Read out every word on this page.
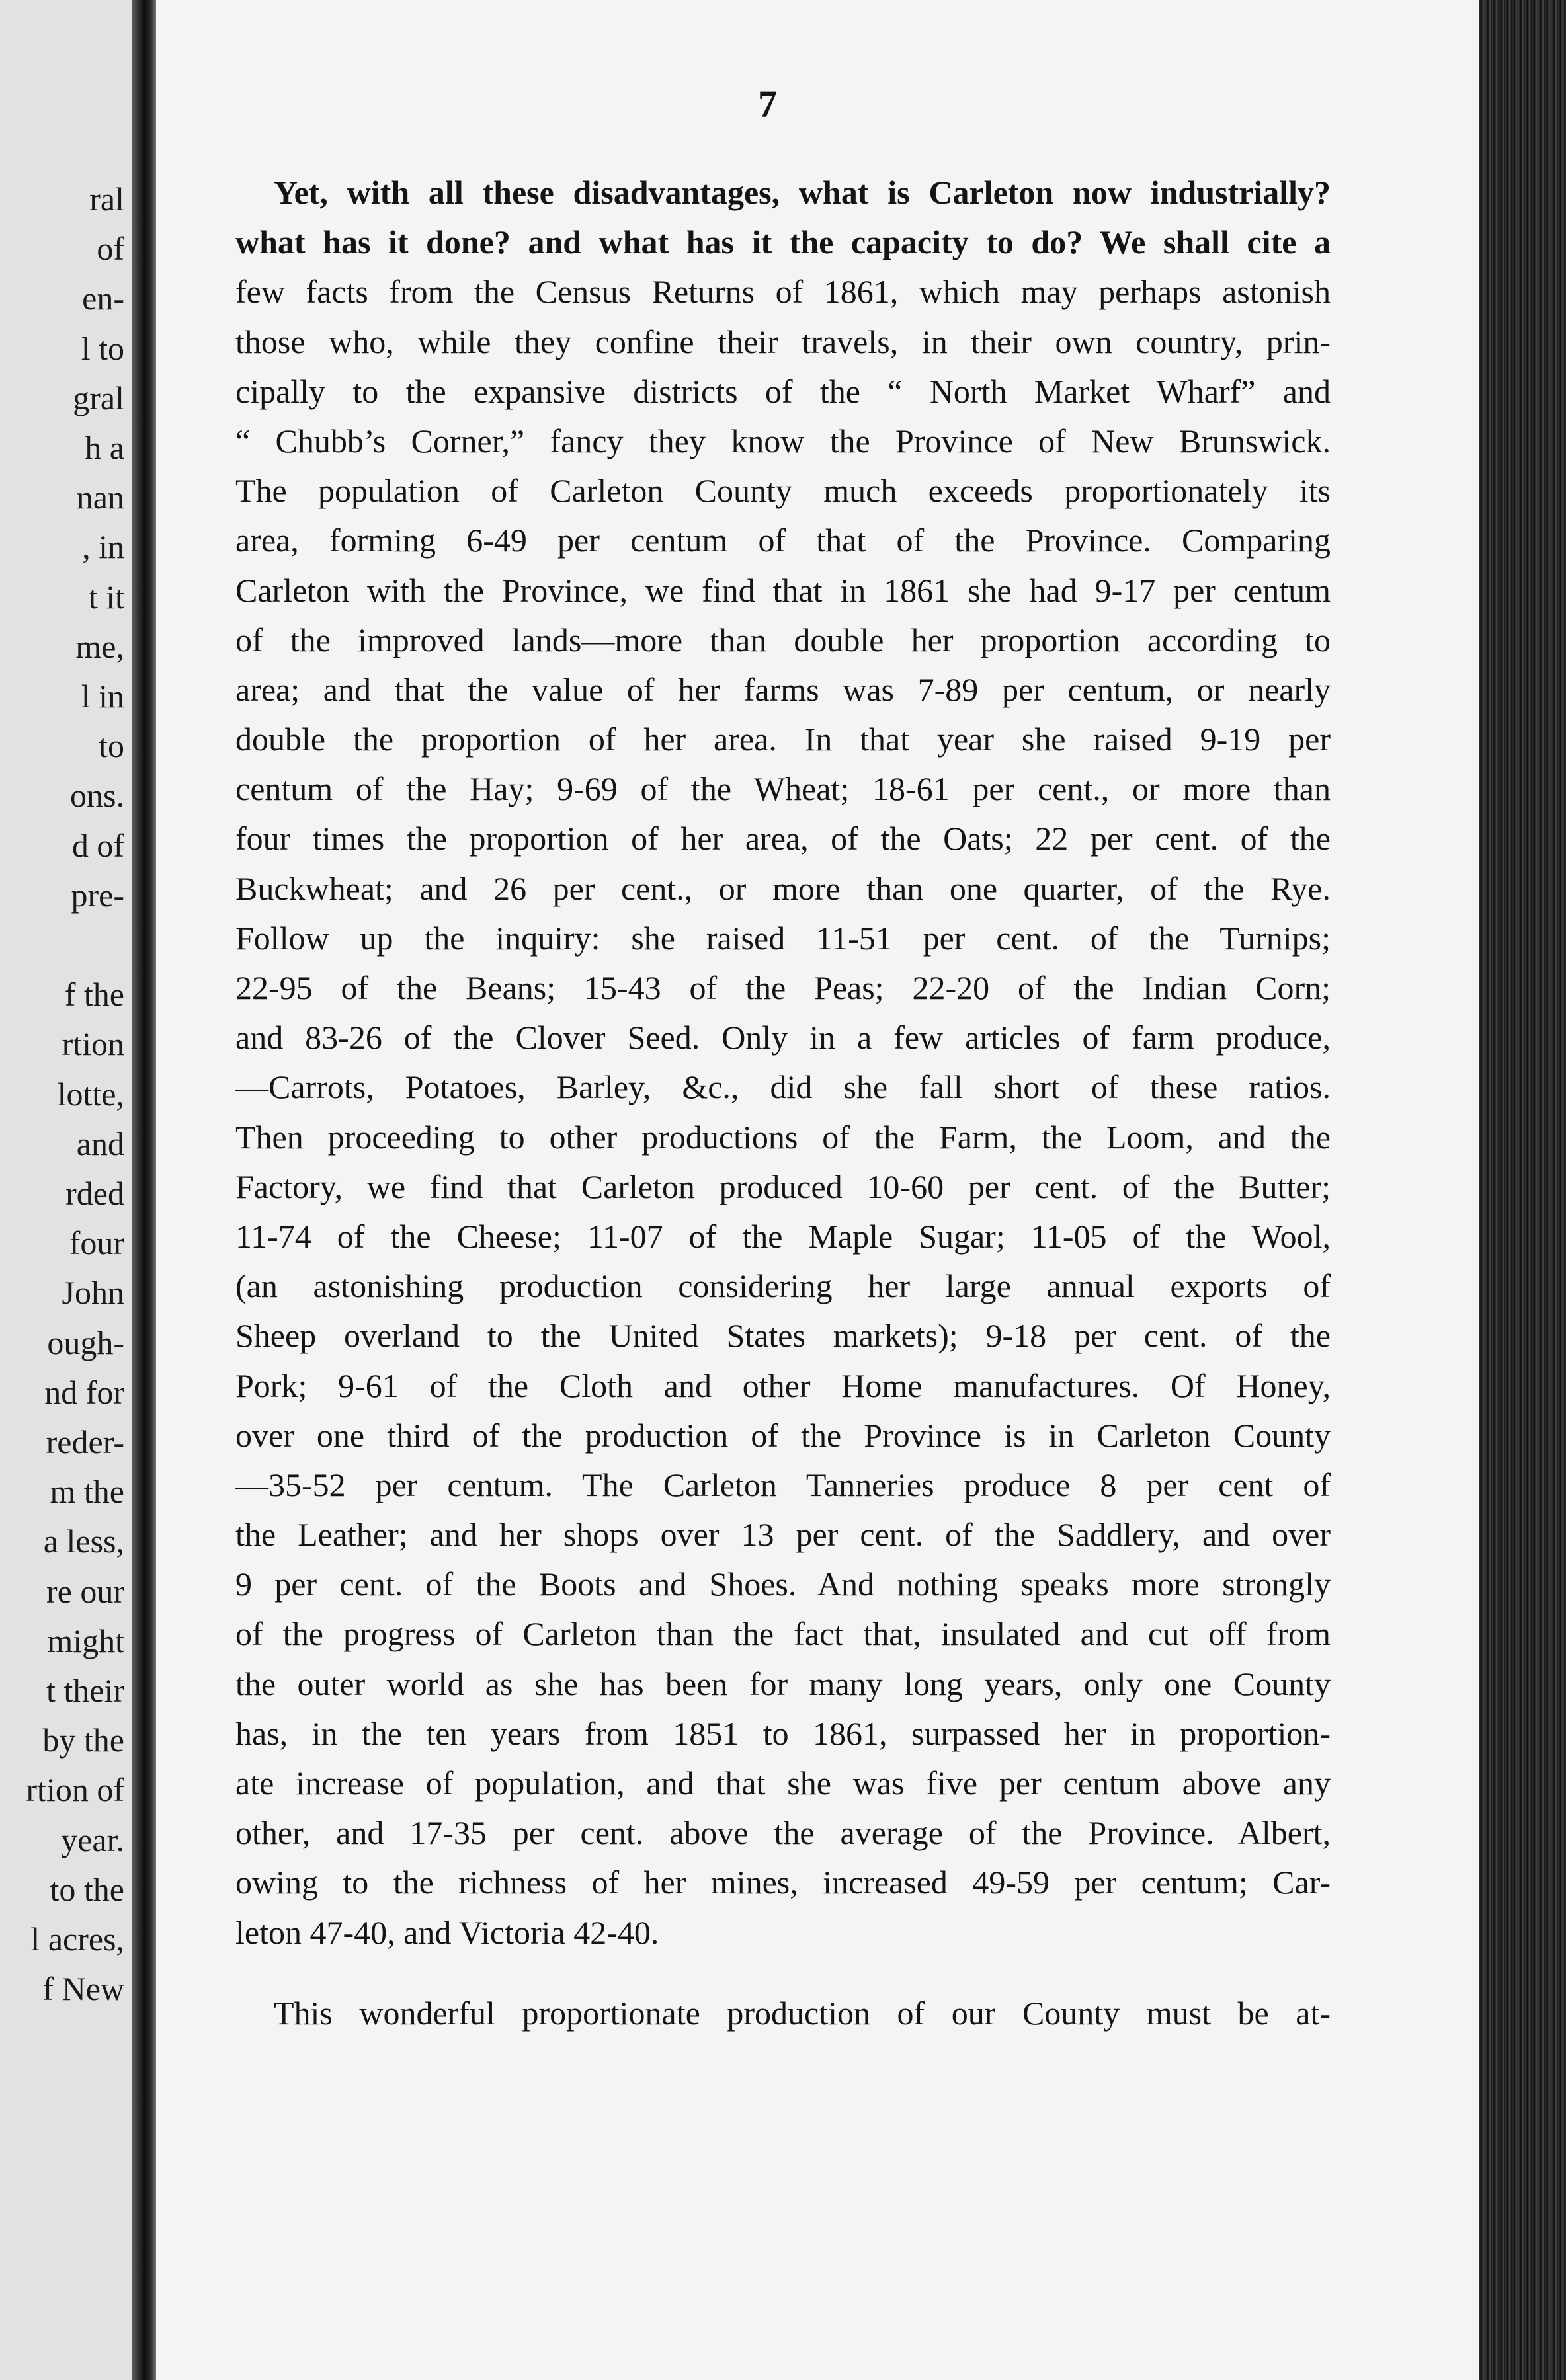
ral
of
en-
l to
gral
h a
nan
, in
t it
me,
l in
to
ons.
d of
pre-
f the
rtion
lotte,
and
rded
four
John
ough-
nd for
reder-
m the
a less,
re our
might
t their
by the
rtion of
year.
to the
l acres,
f New
7
Yet, with all these disadvantages, what is Carleton now industrially?
what has it done? and what has it the capacity to do? We shall cite a
few facts from the Census Returns of 1861, which may perhaps astonish
those who, while they confine their travels, in their own country, prin-
cipally to the expansive districts of the “ North Market Wharf” and
“ Chubb’s Corner,” fancy they know the Province of New Brunswick.
The population of Carleton County much exceeds proportionately its
area, forming 6-49 per centum of that of the Province. Comparing
Carleton with the Province, we find that in 1861 she had 9-17 per centum
of the improved lands—more than double her proportion according to
area; and that the value of her farms was 7-89 per centum, or nearly
double the proportion of her area. In that year she raised 9-19 per
centum of the Hay; 9-69 of the Wheat; 18-61 per cent., or more than
four times the proportion of her area, of the Oats; 22 per cent. of the
Buckwheat; and 26 per cent., or more than one quarter, of the Rye.
Follow up the inquiry: she raised 11-51 per cent. of the Turnips;
22-95 of the Beans; 15-43 of the Peas; 22-20 of the Indian Corn;
and 83-26 of the Clover Seed. Only in a few articles of farm produce,
—Carrots, Potatoes, Barley, &c., did she fall short of these ratios.
Then proceeding to other productions of the Farm, the Loom, and the
Factory, we find that Carleton produced 10-60 per cent. of the Butter;
11-74 of the Cheese; 11-07 of the Maple Sugar; 11-05 of the Wool,
(an astonishing production considering her large annual exports of
Sheep overland to the United States markets); 9-18 per cent. of the
Pork; 9-61 of the Cloth and other Home manufactures. Of Honey,
over one third of the production of the Province is in Carleton County
—35-52 per centum. The Carleton Tanneries produce 8 per cent of
the Leather; and her shops over 13 per cent. of the Saddlery, and over
9 per cent. of the Boots and Shoes. And nothing speaks more strongly
of the progress of Carleton than the fact that, insulated and cut off from
the outer world as she has been for many long years, only one County
has, in the ten years from 1851 to 1861, surpassed her in proportion-
ate increase of population, and that she was five per centum above any
other, and 17-35 per cent. above the average of the Province. Albert,
owing to the richness of her mines, increased 49-59 per centum; Car-
leton 47-40, and Victoria 42-40.
This wonderful proportionate production of our County must be at-
